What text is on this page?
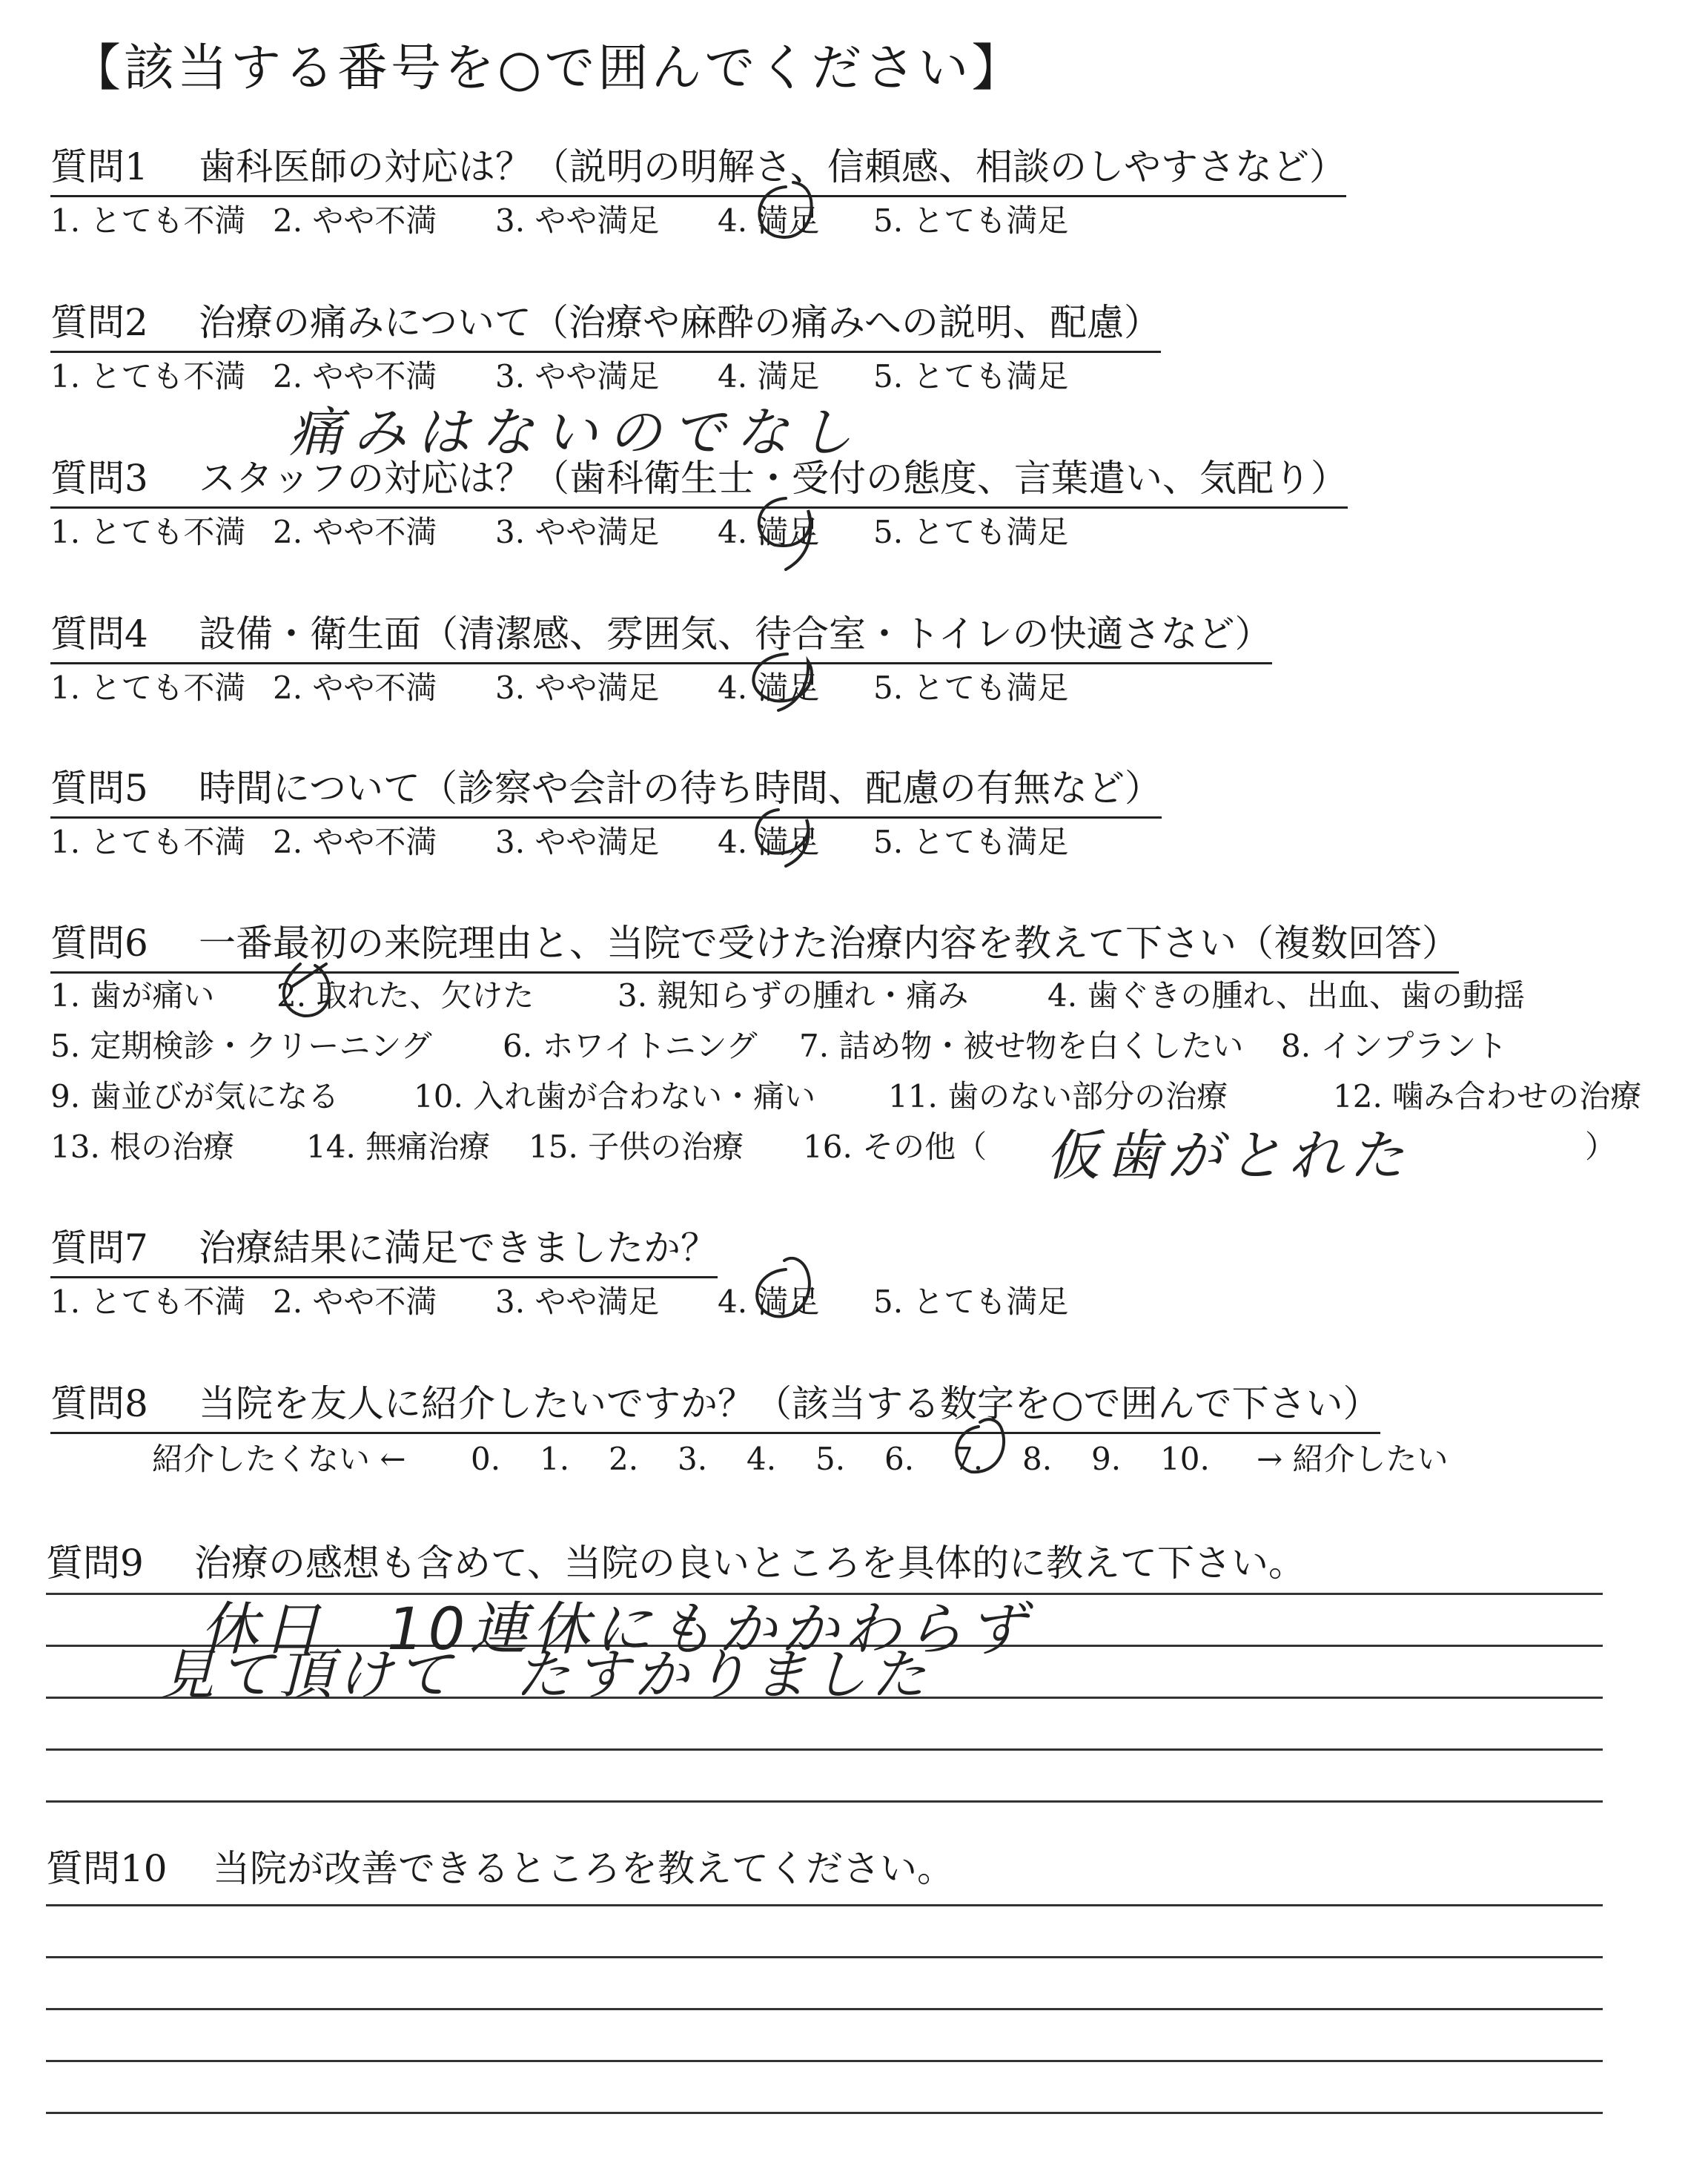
【該当する番号を○で囲んでください】
質問1 歯科医師の対応は？（説明の明解さ、信頼感、相談のしやすさなど）
1. とても不満 2. やや不満 3. やや満足 4. 満足 5. とても満足
質問2 治療の痛みについて（治療や麻酔の痛みへの説明、配慮）
1. とても不満 2. やや不満 3. やや満足 4. 満足 5. とても満足
痛みはないのでなし
質問3 スタッフの対応は？（歯科衛生士・受付の態度、言葉遣い、気配り）
1. とても不満 2. やや不満 3. やや満足 4. 満足 5. とても満足
質問4 設備・衛生面（清潔感、雰囲気、待合室・トイレの快適さなど）
1. とても不満 2. やや不満 3. やや満足 4. 満足 5. とても満足
質問5 時間について（診察や会計の待ち時間、配慮の有無など）
1. とても不満 2. やや不満 3. やや満足 4. 満足 5. とても満足
質問6 一番最初の来院理由と、当院で受けた治療内容を教えて下さい（複数回答）
1. 歯が痛い 2. 取れた、欠けた	3. 親知らずの腫れ・痛み	4. 歯ぐきの腫れ、出血、歯の動揺
5. 定期検診・クリーニング 6. ホワイトニング 7. 詰め物・被せ物を白くしたい 8. インプラント
9. 歯並びが気になる 10. 入れ歯が合わない・痛い 11. 歯のない部分の治療	12. 噛み合わせの治療
13. 根の治療 14. 無痛治療 15. 子供の治療 16. その他（	）
仮歯がとれた
質問7 治療結果に満足できましたか？
1. とても不満 2. やや不満 3. やや満足 4. 満足 5. とても満足
質問8 当院を友人に紹介したいですか？（該当する数字を○で囲んで下さい）
紹介したくない ← 0. 1. 2. 3. 4. 5. 6. 7. 8. 9. 10. → 紹介したい
質問9 治療の感想も含めて、当院の良いところを具体的に教えて下さい。
休日　10連休にもかかわらず
見て頂けて　たすかりました
質問10 当院が改善できるところを教えてください。
